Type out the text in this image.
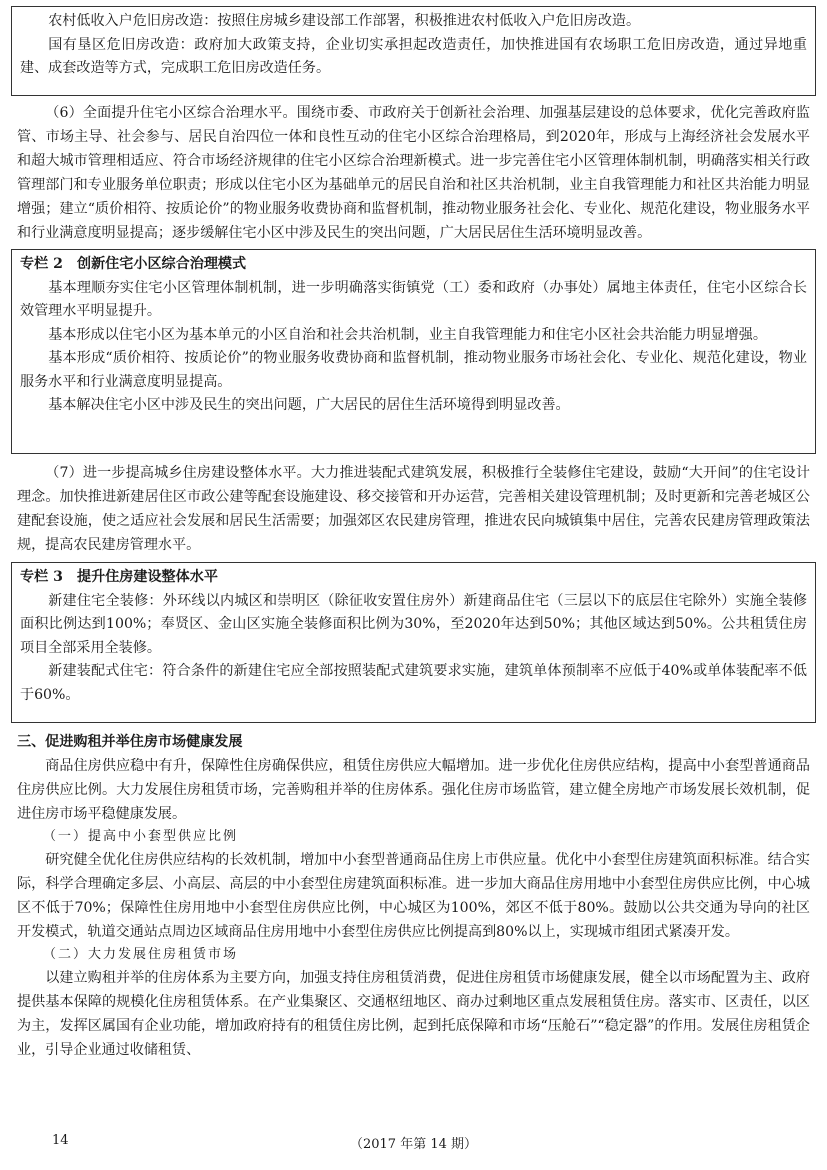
农村低收入户危旧房改造：按照住房城乡建设部工作部署，积极推进农村低收入户危旧房改造。

国有垦区危旧房改造：政府加大政策支持，企业切实承担起改造责任，加快推进国有农场职工危旧房改造，通过异地重建、成套改造等方式，完成职工危旧房改造任务。

（6）全面提升住宅小区综合治理水平。围绕市委、市政府关于创新社会治理、加强基层建设的总体要求，优化完善政府监管、市场主导、社会参与、居民自治四位一体和良性互动的住宅小区综合治理格局，到2020年，形成与上海经济社会发展水平和超大城市管理相适应、符合市场经济规律的住宅小区综合治理新模式。进一步完善住宅小区管理体制机制，明确落实相关行政管理部门和专业服务单位职责；形成以住宅小区为基础单元的居民自治和社区共治机制，业主自我管理能力和社区共治能力明显增强；建立“质价相符、按质论价”的物业服务收费协商和监督机制，推动物业服务社会化、专业化、规范化建设，物业服务水平和行业满意度明显提高；逐步缓解住宅小区中涉及民生的突出问题，广大居民居住生活环境明显改善。

专栏 2　创新住宅小区综合治理模式

基本理顺夯实住宅小区管理体制机制，进一步明确落实街镇党（工）委和政府（办事处）属地主体责任，住宅小区综合长效管理水平明显提升。

基本形成以住宅小区为基本单元的小区自治和社会共治机制，业主自我管理能力和住宅小区社会共治能力明显增强。

基本形成“质价相符、按质论价”的物业服务收费协商和监督机制，推动物业服务市场社会化、专业化、规范化建设，物业服务水平和行业满意度明显提高。

基本解决住宅小区中涉及民生的突出问题，广大居民的居住生活环境得到明显改善。

（7）进一步提高城乡住房建设整体水平。大力推进装配式建筑发展，积极推行全装修住宅建设，鼓励“大开间”的住宅设计理念。加快推进新建居住区市政公建等配套设施建设、移交接管和开办运营，完善相关建设管理机制；及时更新和完善老城区公建配套设施，使之适应社会发展和居民生活需要；加强郊区农民建房管理，推进农民向城镇集中居住，完善农民建房管理政策法规，提高农民建房管理水平。

专栏 3　提升住房建设整体水平

新建住宅全装修：外环线以内城区和崇明区（除征收安置住房外）新建商品住宅（三层以下的底层住宅除外）实施全装修面积比例达到100%；奉贤区、金山区实施全装修面积比例为30%，至2020年达到50%；其他区域达到50%。公共租赁住房项目全部采用全装修。

新建装配式住宅：符合条件的新建住宅应全部按照装配式建筑要求实施，建筑单体预制率不应低于40%或单体装配率不低于60%。

三、促进购租并举住房市场健康发展

商品住房供应稳中有升，保障性住房确保供应，租赁住房供应大幅增加。进一步优化住房供应结构，提高中小套型普通商品住房供应比例。大力发展住房租赁市场，完善购租并举的住房体系。强化住房市场监管，建立健全房地产市场发展长效机制，促进住房市场平稳健康发展。

（一）提高中小套型供应比例

研究健全优化住房供应结构的长效机制，增加中小套型普通商品住房上市供应量。优化中小套型住房建筑面积标准。结合实际，科学合理确定多层、小高层、高层的中小套型住房建筑面积标准。进一步加大商品住房用地中小套型住房供应比例，中心城区不低于70%；保障性住房用地中小套型住房供应比例，中心城区为100%，郊区不低于80%。鼓励以公共交通为导向的社区开发模式，轨道交通站点周边区域商品住房用地中小套型住房供应比例提高到80%以上，实现城市组团式紧凑开发。

（二）大力发展住房租赁市场

以建立购租并举的住房体系为主要方向，加强支持住房租赁消费，促进住房租赁市场健康发展，健全以市场配置为主、政府提供基本保障的规模化住房租赁体系。在产业集聚区、交通枢纽地区、商办过剩地区重点发展租赁住房。落实市、区责任，以区为主，发挥区属国有企业功能，增加政府持有的租赁住房比例，起到托底保障和市场“压舱石”“稳定器”的作用。发展住房租赁企业，引导企业通过收储租赁、

（2017 年第 14 期）
14
